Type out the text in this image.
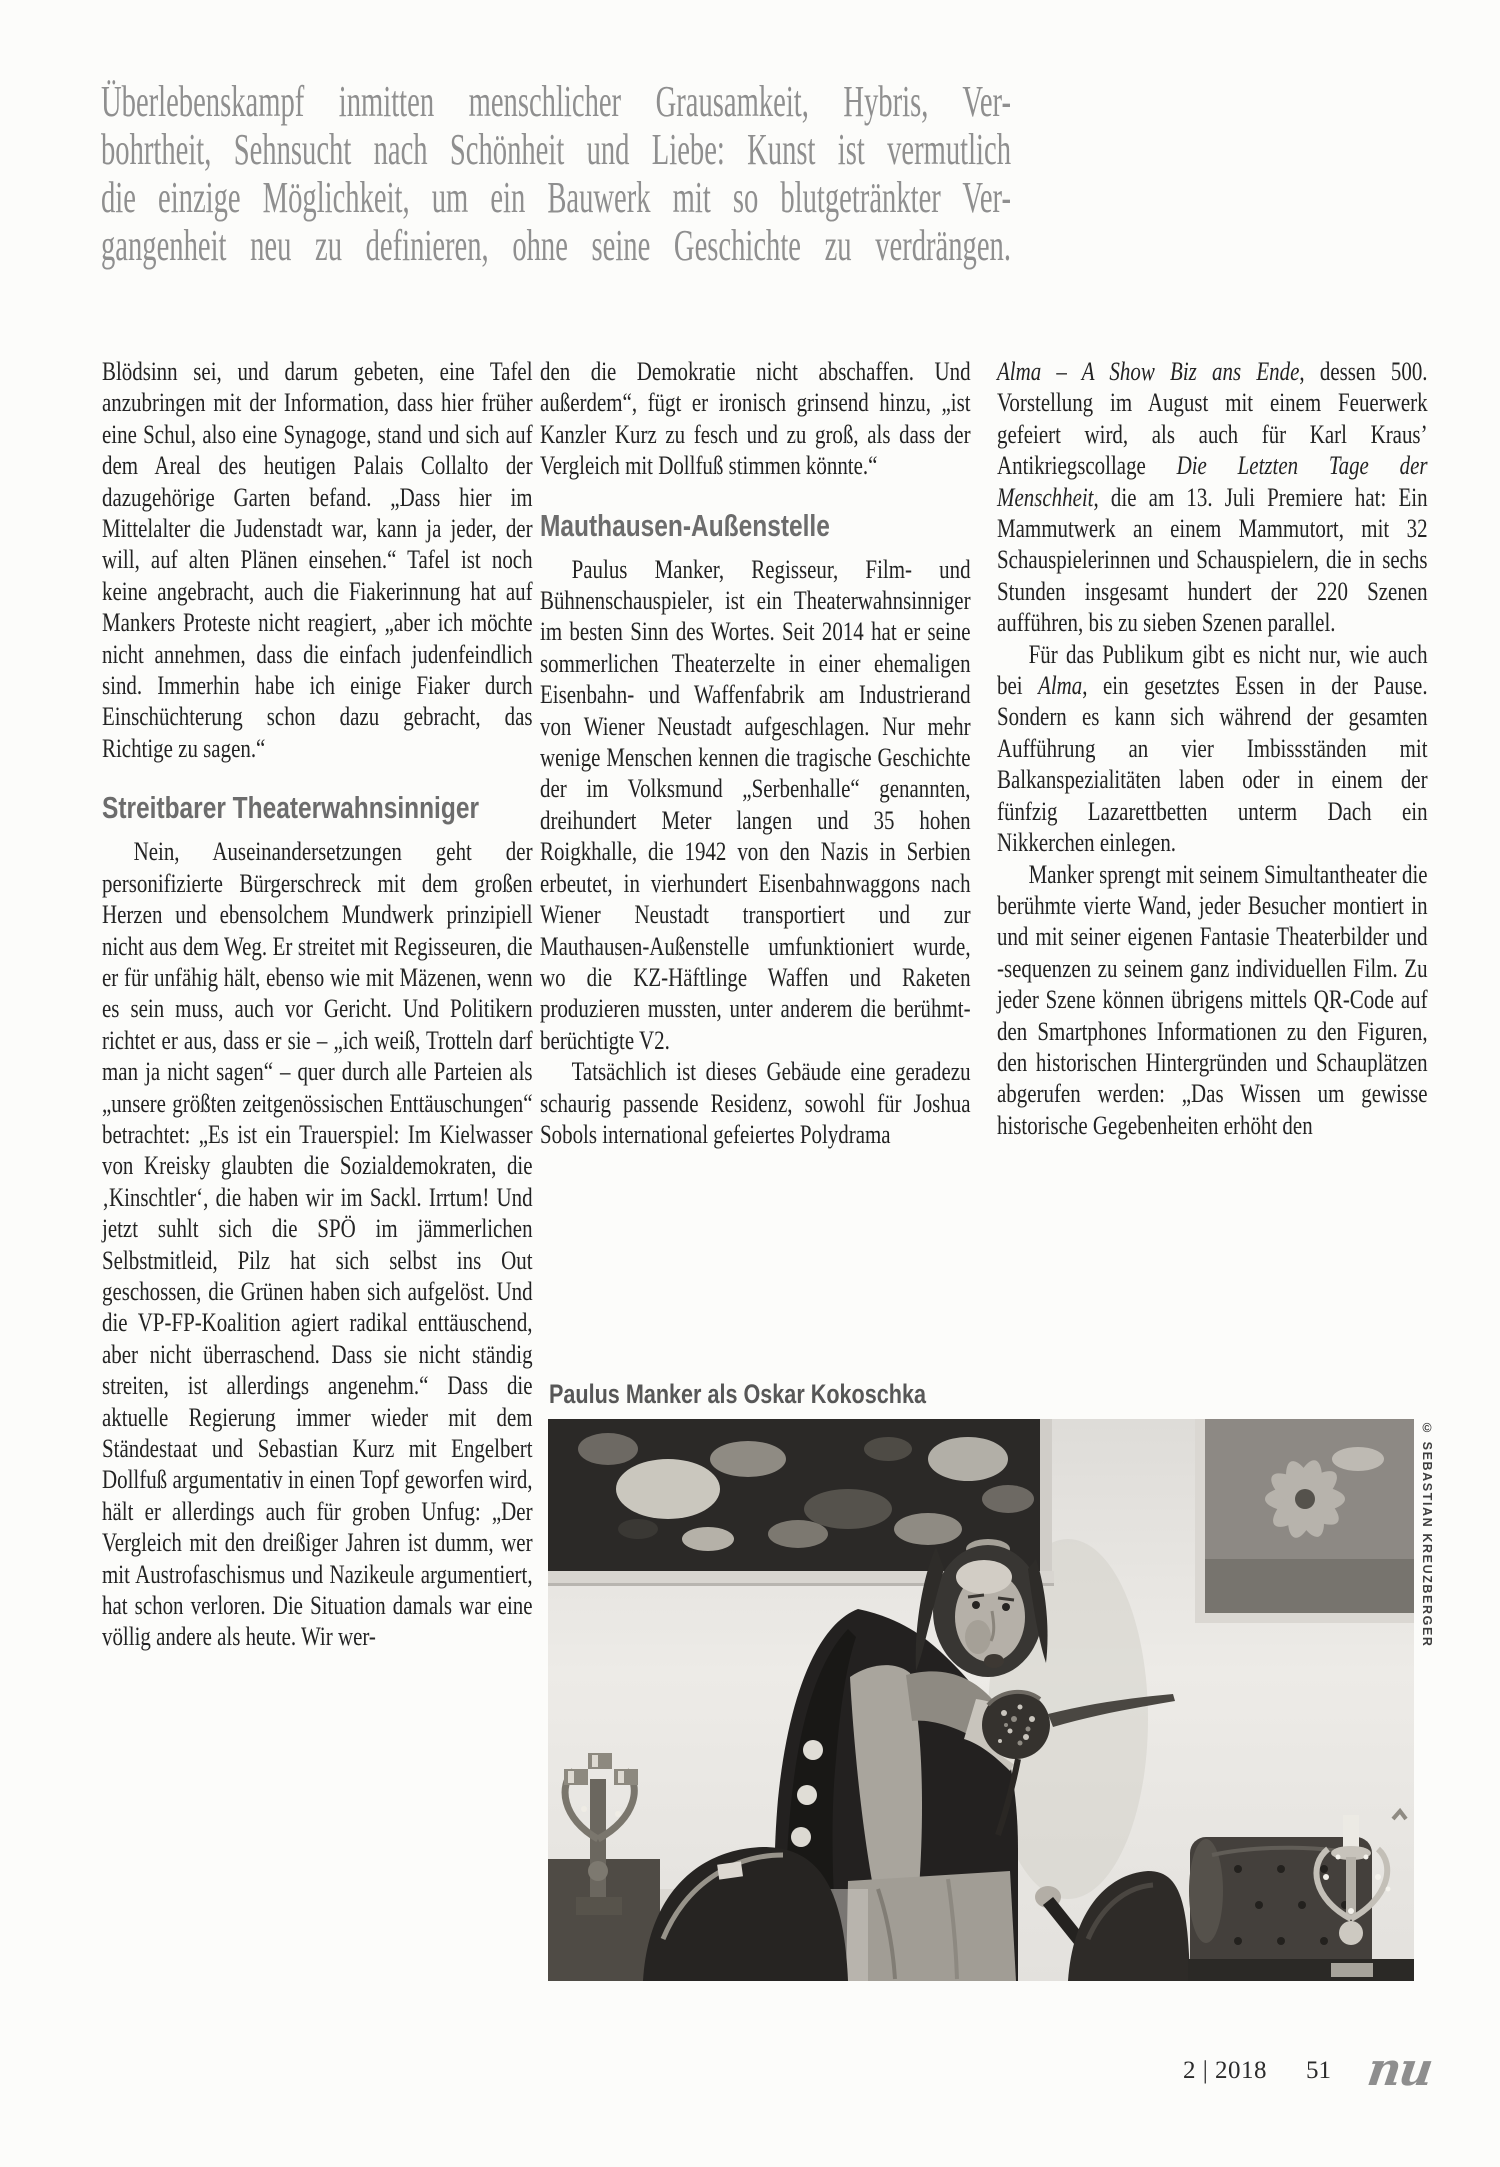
Überlebenskampf inmitten menschlicher Grausamkeit, Hybris, Ver-
bohrtheit, Sehnsucht nach Schönheit und Liebe: Kunst ist vermutlich
die einzige Möglichkeit, um ein Bauwerk mit so blutgetränkter Ver-
gangenheit neu zu definieren, ohne seine Geschichte zu verdrängen.

Blödsinn sei, und darum gebeten, eine Tafel anzubringen mit der Information, dass hier früher eine Schul, also eine Synagoge, stand und sich auf dem Areal des heutigen Palais Collalto der dazugehörige Garten befand. „Dass hier im Mittelalter die Judenstadt war, kann ja jeder, der will, auf alten Plänen einsehen.“ Tafel ist noch keine angebracht, auch die Fiakerinnung hat auf Mankers Proteste nicht reagiert, „aber ich möchte nicht annehmen, dass die einfach judenfeindlich sind. Immerhin habe ich einige Fiaker durch Einschüchterung schon dazu gebracht, das Richtige zu sagen.“

Streitbarer Theaterwahnsinniger

Nein, Auseinandersetzungen geht der personifizierte Bürgerschreck mit dem großen Herzen und ebensolchem Mundwerk prinzipiell nicht aus dem Weg. Er streitet mit Regisseuren, die er für unfähig hält, ebenso wie mit Mäzenen, wenn es sein muss, auch vor Gericht. Und Politikern richtet er aus, dass er sie – „ich weiß, Trotteln darf man ja nicht sagen“ – quer durch alle Parteien als „unsere größten zeitgenössischen Enttäuschungen“ betrachtet: „Es ist ein Trauerspiel: Im Kielwasser von Kreisky glaubten die Sozialdemokraten, die ‚Kinschtler‘, die haben wir im Sackl. Irrtum! Und jetzt suhlt sich die SPÖ im jämmerlichen Selbstmitleid, Pilz hat sich selbst ins Out geschossen, die Grünen haben sich aufgelöst. Und die VP-FP-Koalition agiert radikal enttäuschend, aber nicht überraschend. Dass sie nicht ständig streiten, ist allerdings angenehm.“ Dass die aktuelle Regierung immer wieder mit dem Ständestaat und Sebastian Kurz mit Engelbert Dollfuß argumentativ in einen Topf geworfen wird, hält er allerdings auch für groben Unfug: „Der Vergleich mit den dreißiger Jahren ist dumm, wer mit Austrofaschismus und Nazikeule argumentiert, hat schon verloren. Die Situation damals war eine völlig andere als heute. Wir wer-

den die Demokratie nicht abschaffen. Und außerdem“, fügt er ironisch grinsend hinzu, „ist Kanzler Kurz zu fesch und zu groß, als dass der Vergleich mit Dollfuß stimmen könnte.“

Mauthausen-Außenstelle

Paulus Manker, Regisseur, Film- und Bühnenschauspieler, ist ein Theaterwahnsinniger im besten Sinn des Wortes. Seit 2014 hat er seine sommerlichen Theaterzelte in einer ehemaligen Eisenbahn- und Waffenfabrik am Industrierand von Wiener Neustadt aufgeschlagen. Nur mehr wenige Menschen kennen die tragische Geschichte der im Volksmund „Serbenhalle“ genannten, dreihundert Meter langen und 35 hohen Roigkhalle, die 1942 von den Nazis in Serbien erbeutet, in vierhundert Eisenbahnwaggons nach Wiener Neustadt transportiert und zur Mauthausen-Außenstelle umfunktioniert wurde, wo die KZ-Häftlinge Waffen und Raketen produzieren mussten, unter anderem die berühmt-berüchtigte V2.

Tatsächlich ist dieses Gebäude eine geradezu schaurig passende Residenz, sowohl für Joshua Sobols international gefeiertes Polydrama

Alma – A Show Biz ans Ende, dessen 500. Vorstellung im August mit einem Feuerwerk gefeiert wird, als auch für Karl Kraus’ Antikriegscollage Die Letzten Tage der Menschheit, die am 13. Juli Premiere hat: Ein Mammutwerk an einem Mammutort, mit 32 Schauspielerinnen und Schauspielern, die in sechs Stunden insgesamt hundert der 220 Szenen aufführen, bis zu sieben Szenen parallel.

Für das Publikum gibt es nicht nur, wie auch bei Alma, ein gesetztes Essen in der Pause. Sondern es kann sich während der gesamten Aufführung an vier Imbissständen mit Balkanspezialitäten laben oder in einem der fünfzig Lazarettbetten unterm Dach ein Nikkerchen einlegen.

Manker sprengt mit seinem Simultantheater die berühmte vierte Wand, jeder Besucher montiert in und mit seiner eigenen Fantasie Theaterbilder und -sequenzen zu seinem ganz individuellen Film. Zu jeder Szene können übrigens mittels QR-Code auf den Smartphones Informationen zu den Figuren, den historischen Hintergründen und Schauplätzen abgerufen werden: „Das Wissen um gewisse historische Gegebenheiten erhöht den

Paulus Manker als Oskar Kokoschka
© SEBASTIAN KREUZBERGER
2 | 2018 51 nu
